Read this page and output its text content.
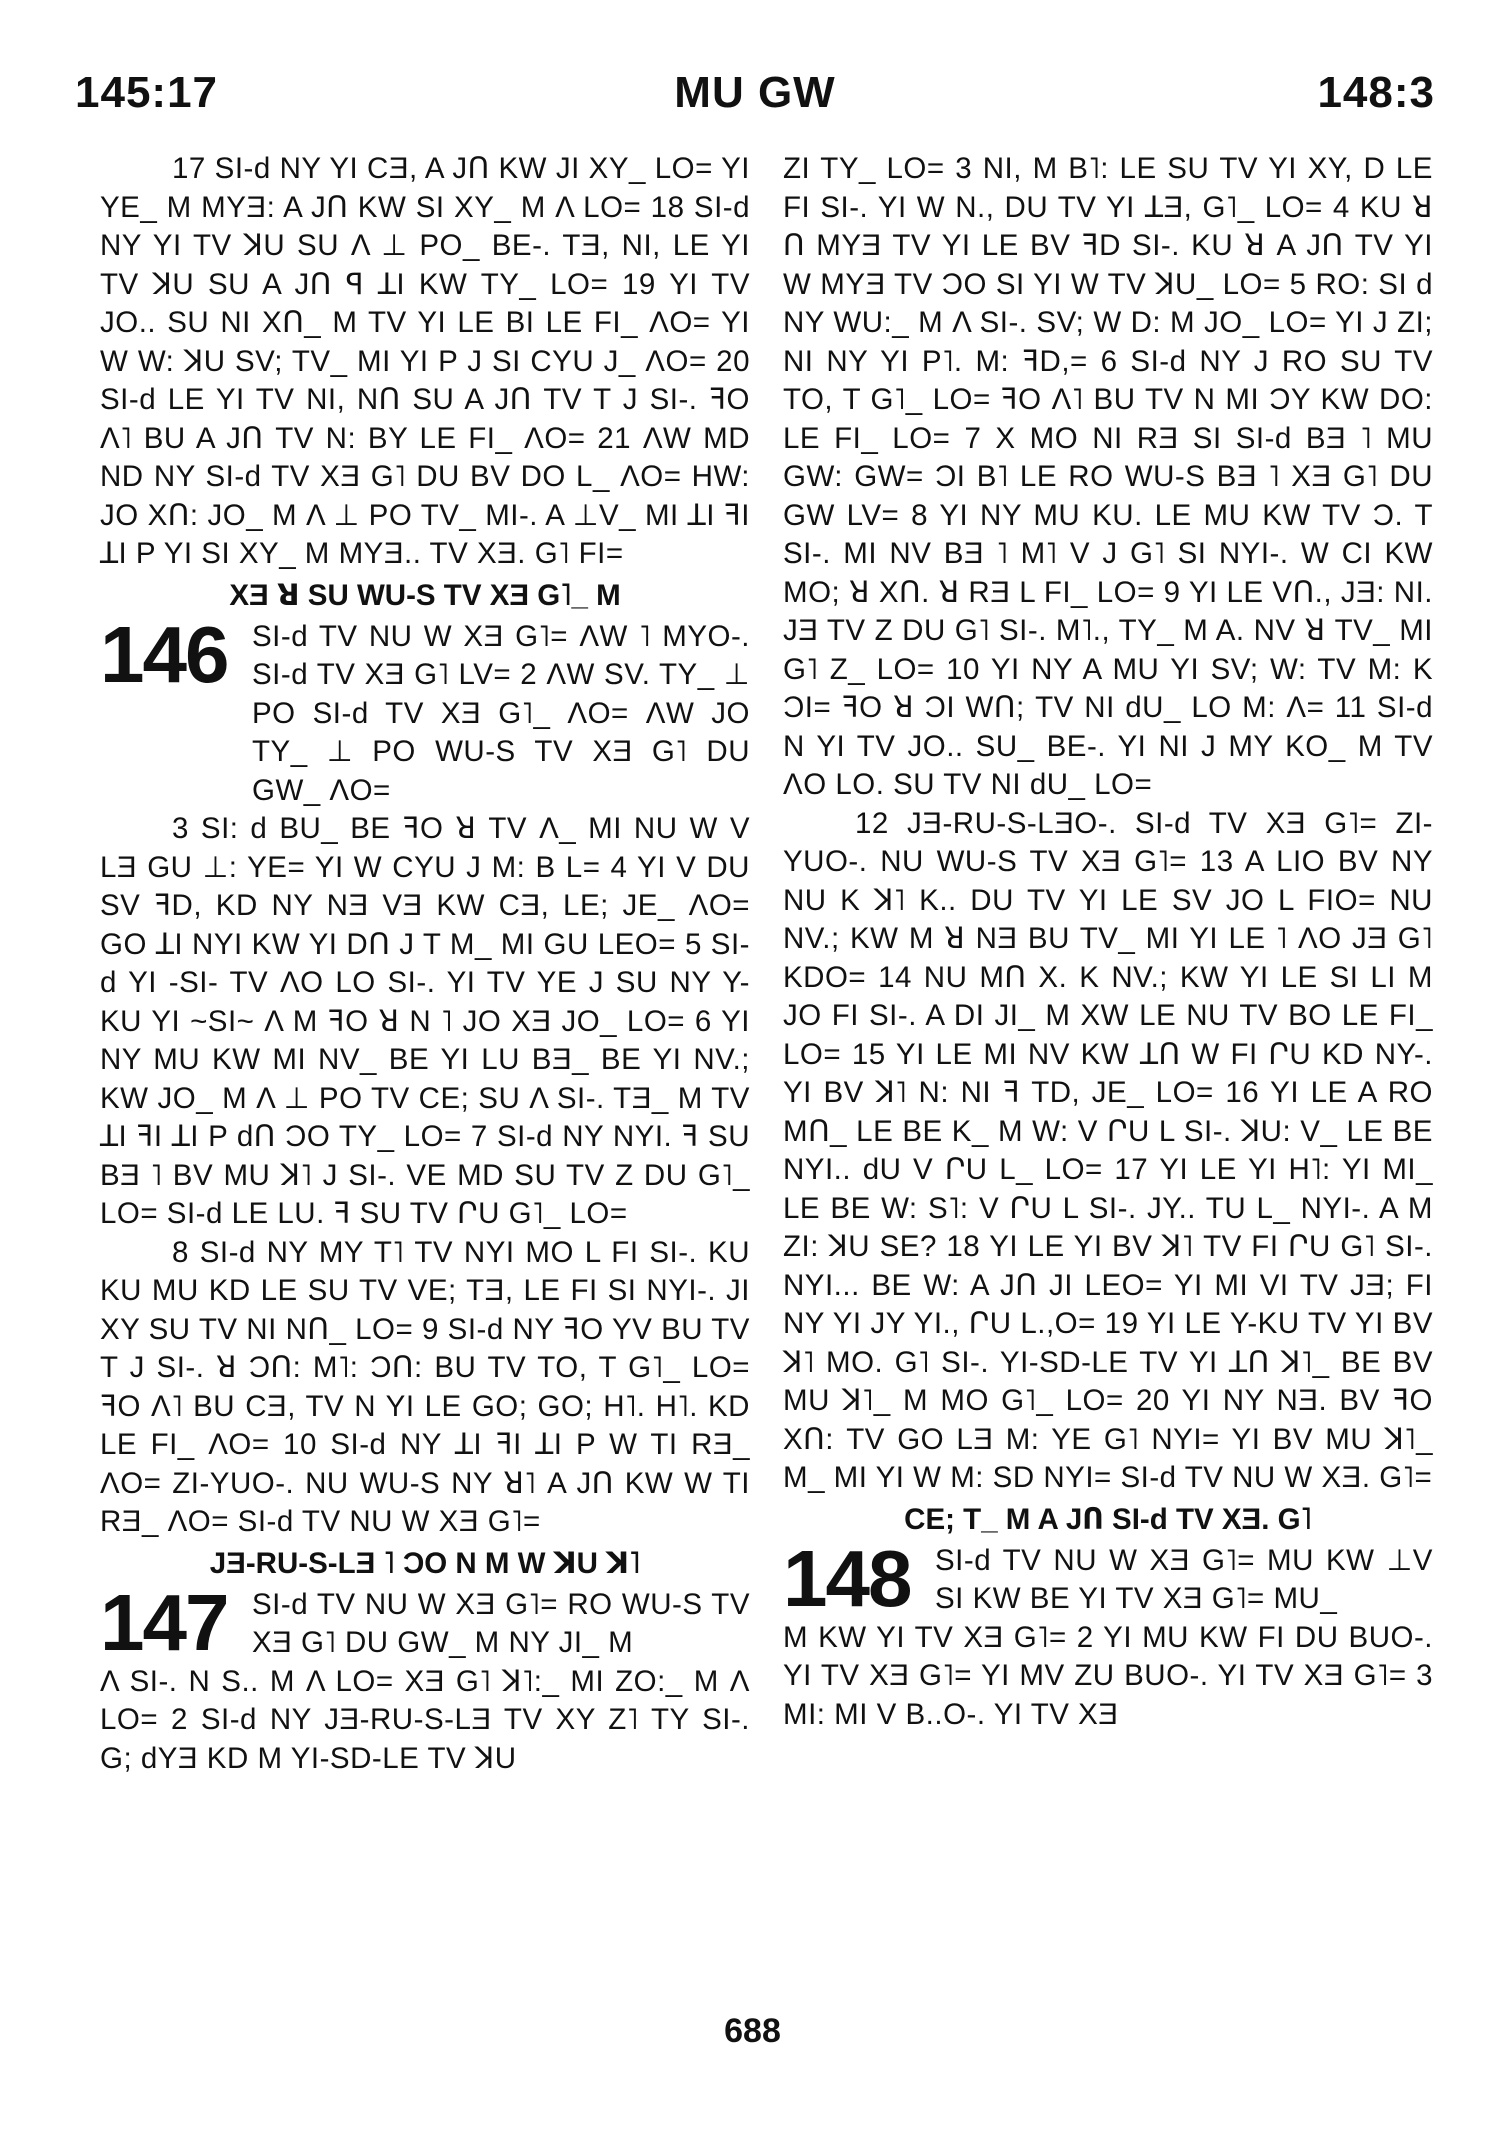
145:17	MU GW	148:3

17 SI-d NY YI CƎ, A JՈ KW JI XY_ LO= YI YE_ M MYƎ: A JՈ KW SI XY_ M Λ LO= 18 SI-d NY YI TV ꓘU SU Λ ⊥ PO_ BE-. TƎ, NI, LE YI TV ꓘU SU A JՈ ꟼ ꓕI KW TY_ LO= 19 YI TV JO.. SU NI XՈ_ M TV YI LE BI LE FI_ ΛO= YI W W: ꓘU SV; TV_ MI YI P J SI CYU J_ ΛO= 20 SI-d LE YI TV NI, NՈ SU A JՈ TV T J SI-. ꟻO Λ˥ BU A JՈ TV N: BY LE FI_ ΛO= 21 ΛW MD ND NY SI-d TV XƎ G˥ DU BV DO L_ ΛO= HW: JO XՈ: JO_ M Λ ⊥ PO TV_ MI-. A ⊥V_ MI ꓕI ꟻI ꓕI P YI SI XY_ M MYƎ.. TV XƎ. G˥ FI=

XƎ ꓤ SU WU-S TV XƎ G˥_ M
146 SI-d TV NU W XƎ G˥= ΛW ˥ MYO-. SI-d TV XƎ G˥ LV= 2 ΛW SV. TY_ ⊥ PO SI-d TV XƎ G˥_ ΛO= ΛW JO TY_ ⊥ PO WU-S TV XƎ G˥ DU GW_ ΛO=

3 SI: d BU_ BE ꟻO ꓤ TV Λ_ MI NU W V LƎ GU ⊥: YE= YI W CYU J M: B L= 4 YI V DU SV ꟻD, KD NY NƎ VƎ KW CƎ, LE; JE_ ΛO= GO ꓕI NYI KW YI DՈ J T M_ MI GU LEO= 5 SI-d YI -SI- TV ΛO LO SI-. YI TV YE J SU NY Y-KU YI ~SI~ Λ M ꟻO ꓤ N ˥ JO XƎ JO_ LO= 6 YI NY MU KW MI NV_ BE YI LU BƎ_ BE YI NV.; KW JO_ M Λ ⊥ PO TV CE; SU Λ SI-. TƎ_ M TV ꓕI ꟻI ꓕI P dՈ ƆO TY_ LO= 7 SI-d NY NYI. ꟻ SU BƎ ˥ BV MU ꓘ˥ J SI-. VE MD SU TV Z DU G˥_ LO= SI-d LE LU. ꟻ SU TV ՐU G˥_ LO=

8 SI-d NY MY T˥ TV NYI MO L FI SI-. KU KU MU KD LE SU TV VE; TƎ, LE FI SI NYI-. JI XY SU TV NI NՈ_ LO= 9 SI-d NY ꟻO YV BU TV T J SI-. ꓤ ƆՈ: M˥: ƆՈ: BU TV TO, T G˥_ LO= ꟻO Λ˥ BU CƎ, TV N YI LE GO; GO; H˥. H˥. KD LE FI_ ΛO= 10 SI-d NY ꓕI ꟻI ꓕI P W TI RƎ_ ΛO= ZI-YUO-. NU WU-S NY ꓤ˥ A JՈ KW W TI RƎ_ ΛO= SI-d TV NU W XƎ G˥=

JƎ-RU-S-LƎ ˥ ƆO N M W ꓘU ꓘ˥
147 SI-d TV NU W XƎ G˥= RO WU-S TV XƎ G˥ DU GW_ M NY JI_ M

Λ SI-. N S.. M Λ LO= XƎ G˥ ꓘ˥:_ MI ZO:_ M Λ LO= 2 SI-d NY JƎ-RU-S-LƎ TV XY Z˥ TY SI-. G; dYƎ KD M YI-SD-LE TV ꓘU

ZI TY_ LO= 3 NI, M B˥: LE SU TV YI XY, D LE FI SI-. YI W N., DU TV YI ꓕƎ, G˥_ LO= 4 KU ꓤ Ո MYƎ TV YI LE BV ꟻD SI-. KU ꓤ A JՈ TV YI W MYƎ TV ƆO SI YI W TV ꓘU_ LO= 5 RO: SI d NY WU:_ M Λ SI-. SV; W D: M JO_ LO= YI J ZI; NI NY YI P˥. M: ꟻD,= 6 SI-d NY J RO SU TV TO, T G˥_ LO= ꟻO Λ˥ BU TV N MI ƆY KW DO: LE FI_ LO= 7 X MO NI RƎ SI SI-d BƎ ˥ MU GW: GW= ƆI B˥ LE RO WU-S BƎ ˥ XƎ G˥ DU GW LV= 8 YI NY MU KU. LE MU KW TV Ɔ. T SI-. MI NV BƎ ˥ M˥ V J G˥ SI NYI-. W CI KW MO; ꓤ XՈ. ꓤ RƎ L FI_ LO= 9 YI LE VՈ., JƎ: NI. JƎ TV Z DU G˥ SI-. M˥., TY_ M A. NV ꓤ TV_ MI G˥ Z_ LO= 10 YI NY A MU YI SV; W: TV M: K ƆI= ꟻO ꓤ ƆI WՈ; TV NI dU_ LO M: Λ= 11 SI-d N YI TV JO.. SU_ BE-. YI NI J MY KO_ M TV ΛO LO. SU TV NI dU_ LO=

12 JƎ-RU-S-LƎO-. SI-d TV XƎ G˥= ZI-YUO-. NU WU-S TV XƎ G˥= 13 A LIO BV NY NU K ꓘ˥ K.. DU TV YI LE SV JO L FIO= NU NV.; KW M ꓤ NƎ BU TV_ MI YI LE ˥ ΛO JƎ G˥ KDO= 14 NU MՈ X. K NV.; KW YI LE SI LI M JO FI SI-. A DI JI_ M XW LE NU TV BO LE FI_ LO= 15 YI LE MI NV KW ꓕՈ W FI ՐU KD NY-. YI BV ꓘ˥ N: NI ꟻ TD, JE_ LO= 16 YI LE A RO MՈ_ LE BE K_ M W: V ՐU L SI-. ꓘU: V_ LE BE NYI.. dU V ՐU L_ LO= 17 YI LE YI H˥: YI MI_ LE BE W: S˥: V ՐU L SI-. JY.. TU L_ NYI-. A M ZI: ꓘU SE? 18 YI LE YI BV ꓘ˥ TV FI ՐU G˥ SI-. NYI... BE W: A JՈ JI LEO= YI MI VI TV JƎ; FI NY YI JY YI., ՐU L.,O= 19 YI LE Y-KU TV YI BV ꓘ˥ MO. G˥ SI-. YI-SD-LE TV YI ꓕՈ ꓘ˥_ BE BV MU ꓘ˥_ M MO G˥_ LO= 20 YI NY NƎ. BV ꟻO XՈ: TV GO LƎ M: YE G˥ NYI= YI BV MU ꓘ˥_ M_ MI YI W M: SD NYI= SI-d TV NU W XƎ. G˥=

CE; T_ M A JՈ SI-d TV XƎ. G˥
148 SI-d TV NU W XƎ G˥= MU KW ⊥V SI KW BE YI TV XƎ G˥= MU_

M KW YI TV XƎ G˥= 2 YI MU KW FI DU BUO-. YI TV XƎ G˥= YI MV ZU BUO-. YI TV XƎ G˥= 3 MI: MI V B..O-. YI TV XƎ

688
